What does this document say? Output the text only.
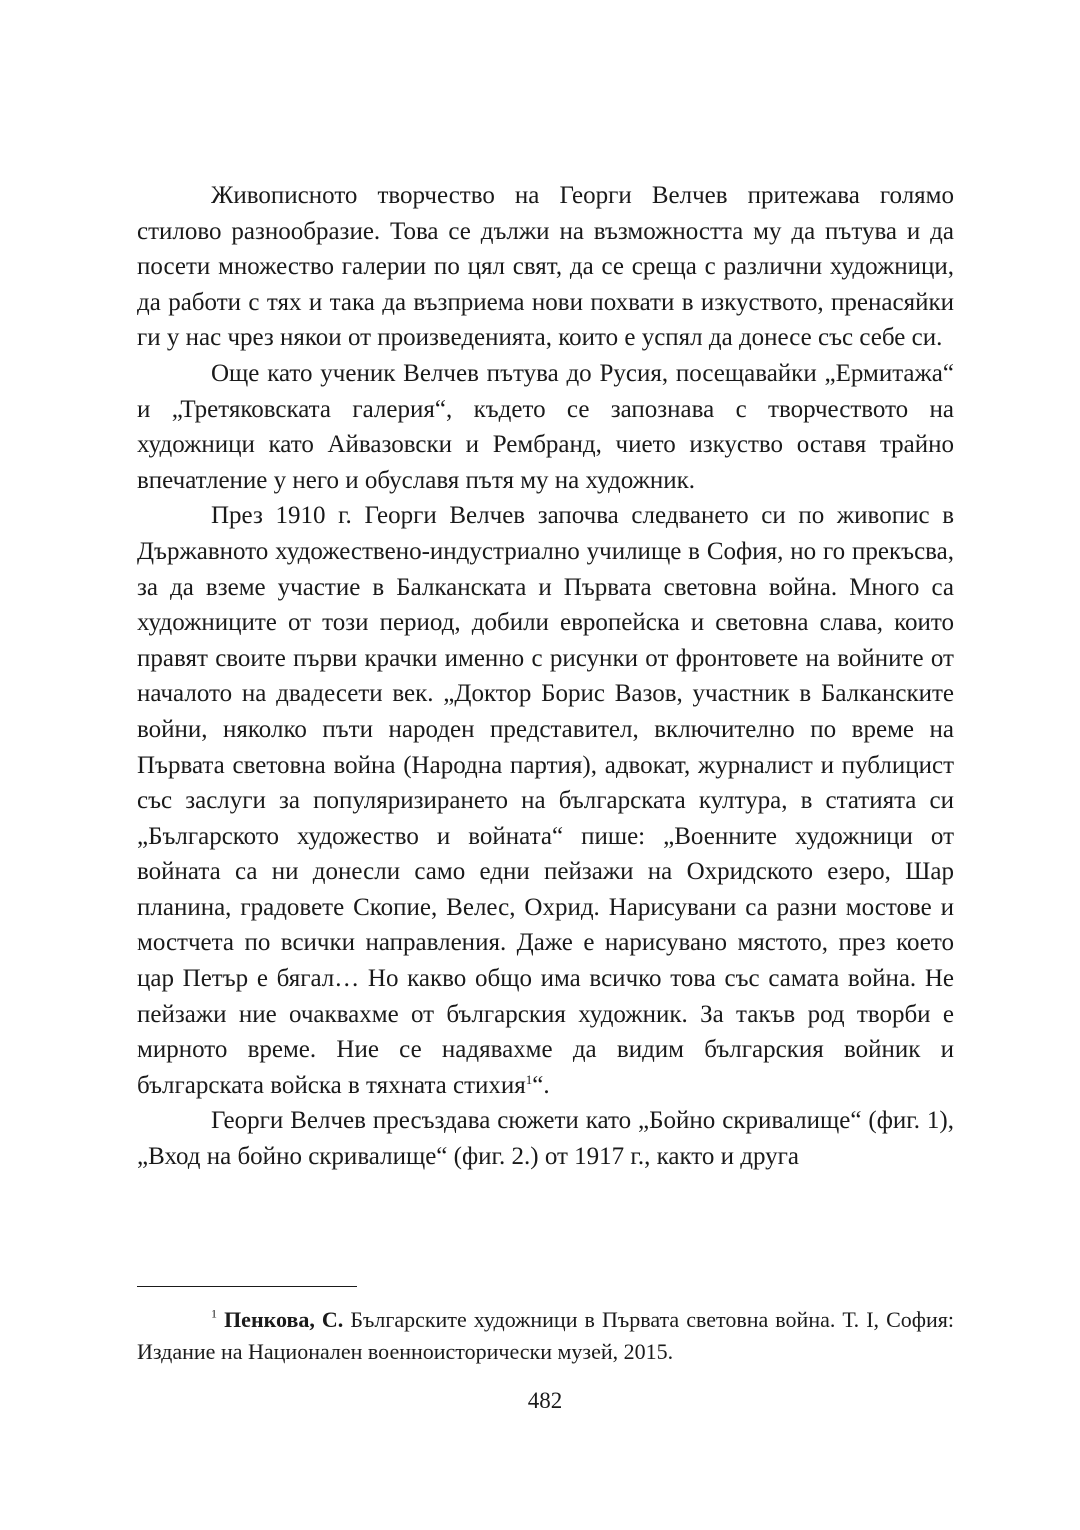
Живописното творчество на Георги Велчев притежава голямо стилово разнообразие. Това се дължи на възможността му да пътува и да посети множество галерии по цял свят, да се среща с различни художници, да работи с тях и така да възприема нови похвати в изкуството, пренасяйки ги у нас чрез някои от произведенията, които е успял да донесе със себе си.

Още като ученик Велчев пътува до Русия, посещавайки „Ермитажа“ и „Третяковската галерия“, където се запознава с творчеството на художници като Айвазовски и Рембранд, чието изкуство оставя трайно впечатление у него и обуславя пътя му на художник.

През 1910 г. Георги Велчев започва следването си по живопис в Държавното художествено-индустриално училище в София, но го прекъсва, за да вземе участие в Балканската и Първата световна война. Много са художниците от този период, добили европейска и световна слава, които правят своите първи крачки именно с рисунки от фронтовете на войните от началото на двадесети век. „Доктор Борис Вазов, участник в Балканските войни, няколко пъти народен представител, включително по време на Първата световна война (Народна партия), адвокат, журналист и публицист със заслуги за популяризирането на българската култура, в статията си „Българското художество и войната“ пише: „Военните художници от войната са ни донесли само едни пейзажи на Охридското езеро, Шар планина, градовете Скопие, Велес, Охрид. Нарисувани са разни мостове и мостчета по всички направления. Даже е нарисувано мястото, през което цар Петър е бягал… Но какво общо има всичко това със самата война. Не пейзажи ние очаквахме от българския художник. За такъв род творби е мирното време. Ние се надявахме да видим българския войник и българската войска в тяхната стихия$^1$“.

Георги Велчев пресъздава сюжети като „Бойно скривалище“ (фиг. 1), „Вход на бойно скривалище“ (фиг. 2.) от 1917 г., както и друга

$^1$ Пенкова, С. Българските художници в Първата световна война. Т. I, София: Издание на Национален военноисторически музей, 2015.

482
